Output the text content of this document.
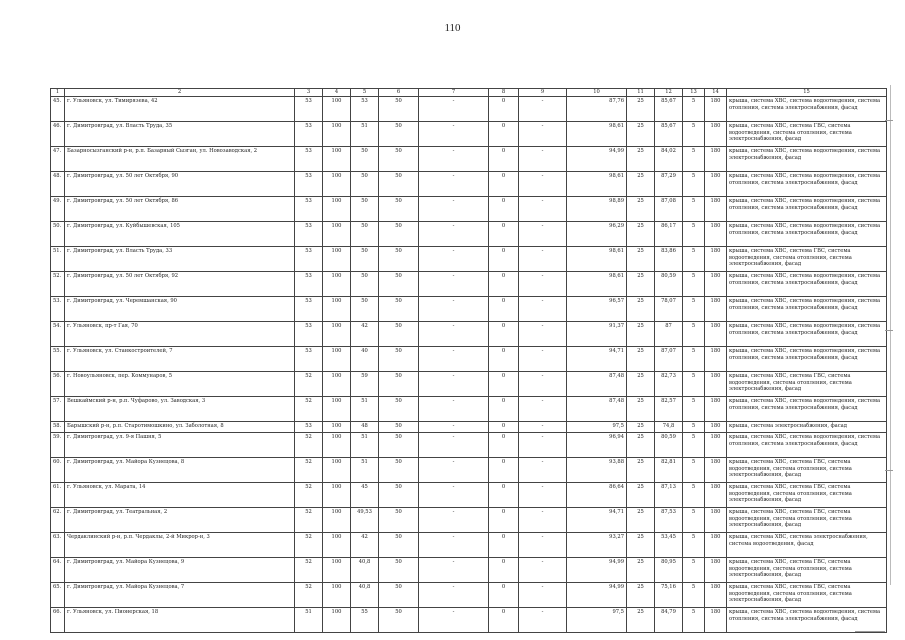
110
1	2	3	4	5	6	7	8	9	10	11	12	13	14	15
45.	г. Ульяновск, ул. Тимирязева, 42	53	100	53	50	-	0	-	87,76	25	85,67	5	180	крыша, система ХВС, система водоотведения, система отопления, система электроснабжения, фасад
46.	г. Димитровград, ул. Власть Труда, 35	53	100	51	50	-	0	-	98,61	25	85,67	5	180	крыша, система ХВС, система ГВС, система водоотведения, система отопления, система электроснабжения, фасад
47.	Базарносызганский р-н, р.п. Базарный Сызган, ул. Новозаводская, 2	53	100	50	50	-	0	-	94,99	25	84,02	5	180	крыша, система ХВС, система водоотведения, система электроснабжения, фасад
48.	г. Димитровград, ул. 50 лет Октября, 90	53	100	50	50	-	0	-	98,61	25	87,29	5	180	крыша, система ХВС, система водоотведения, система отопления, система электроснабжения, фасад
49.	г. Димитровград, ул. 50 лет Октября, 86	53	100	50	50	-	0	-	98,89	25	87,08	5	180	крыша, система ХВС, система водоотведения, система отопления, система электроснабжения, фасад
50.	г. Димитровград, ул. Куйбышевская, 105	53	100	50	50	-	0	-	96,29	25	86,17	5	180	крыша, система ХВС, система водоотведения, система отопления, система электроснабжения, фасад
51.	г. Димитровград, ул. Власть Труда, 33	53	100	50	50	-	0	-	98,61	25	83,86	5	180	крыша, система ХВС, система ГВС, система водоотведения, система отопления, система электроснабжения, фасад
52.	г. Димитровград, ул. 50 лет Октября, 92	53	100	50	50	-	0	-	98,61	25	80,59	5	180	крыша, система ХВС, система водоотведения, система отопления, система электроснабжения, фасад
53.	г. Димитровград, ул. Черемшанская, 90	53	100	50	50	-	0	-	96,57	25	78,07	5	180	крыша, система ХВС, система водоотведения, система отопления, система электроснабжения, фасад
54.	г. Ульяновск, пр-т Гая, 70	53	100	42	50	-	0	-	91,37	25	87	5	180	крыша, система ХВС, система водоотведения, система отопления, система электроснабжения, фасад
55.	г. Ульяновск, ул. Станкостроителей, 7	53	100	40	50	-	0	-	94,71	25	87,07	5	180	крыша, система ХВС, система водоотведения, система отопления, система электроснабжения, фасад
56.	г. Новоульяновск, пер. Коммунаров, 5	52	100	59	50	-	0	-	87,48	25	82,73	5	180	крыша, система ХВС, система ГВС, система водоотведения, система отопления, система электроснабжения, фасад
57.	Вешкаймский р-н, р.п. Чуфарово, ул. Заводская, 3	52	100	51	50	-	0	-	87,48	25	82,57	5	180	крыша, система ХВС, система водоотведения, система отопления, система электроснабжения, фасад
58.	Барышский р-н, р.п. Старотимошкино, ул. Заболотная, 8	53	100	48	50	-	0	-	97,5	25	74,8	5	180	крыша, система электроснабжения, фасад
59.	г. Димитровград, ул. 9-я Пашня, 5	52	100	51	50	-	0	-	96,94	25	80,59	5	180	крыша, система ХВС, система водоотведения, система отопления, система электроснабжения, фасад
60.	г. Димитровград, ул. Майора Кузнецова, 8	52	100	51	50	-	0	-	93,88	25	82,81	5	180	крыша, система ХВС, система ГВС, система водоотведения, система отопления, система электроснабжения, фасад
61.	г. Ульяновск, ул. Марата, 14	52	100	45	50	-	0	-	86,64	25	87,13	5	180	крыша, система ХВС, система ГВС, система водоотведения, система отопления, система электроснабжения, фасад
62.	г. Димитровград, ул. Театральная, 2	52	100	49,53	50	-	0	-	94,71	25	87,53	5	180	крыша, система ХВС, система ГВС, система водоотведения, система отопления, система электроснабжения, фасад
63.	Чердаклинский р-н, р.п. Чердаклы, 2-й Микрор-н, 3	52	100	42	50	-	0	-	93,27	25	53,45	5	180	крыша, система ХВС, система электроснабжения, система водоотведения, фасад
64.	г. Димитровград, ул. Майора Кузнецова, 9	52	100	40,8	50	-	0	-	94,99	25	80,95	5	180	крыша, система ХВС, система ГВС, система водоотведения, система отопления, система электроснабжения, фасад
65.	г. Димитровград, ул. Майора Кузнецова, 7	52	100	40,8	50	-	0	-	94,99	25	75,16	5	180	крыша, система ХВС, система ГВС, система водоотведения, система отопления, система электроснабжения, фасад
66.	г. Ульяновск, ул. Пионерская, 18	51	100	55	50	-	0	-	97,5	25	84,79	5	180	крыша, система ХВС, система водоотведения, система отопления, система электроснабжения, фасад
